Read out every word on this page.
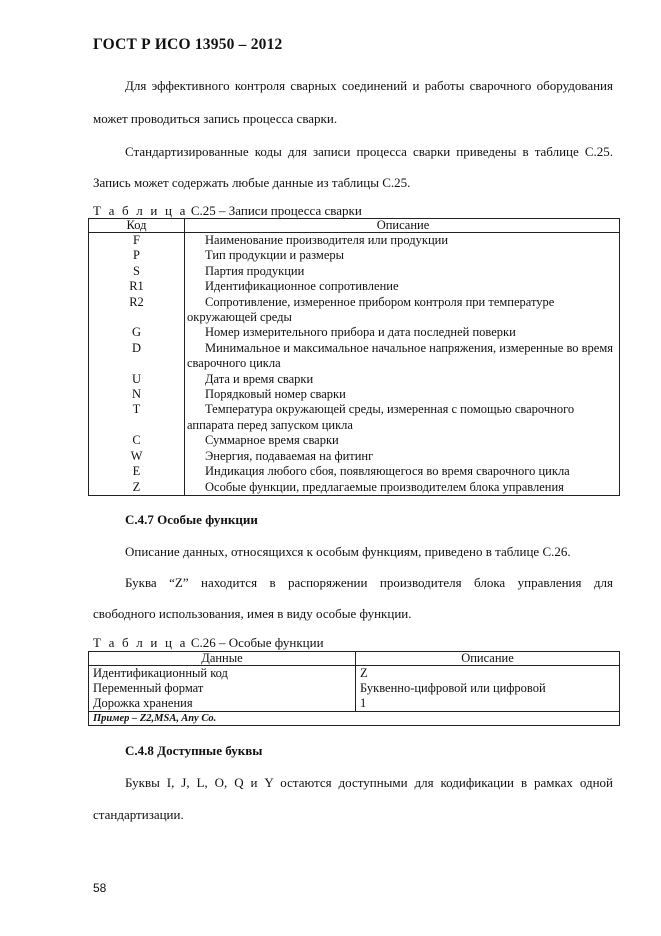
ГОСТ Р ИСО 13950 – 2012
Для эффективного контроля сварных соединений и работы сварочного оборудования
может проводиться запись процесса сварки.
Стандартизированные коды для записи процесса сварки приведены в таблице С.25.
Запись может содержать любые данные из таблицы С.25.
Т а б л и ц а С.25 – Записи процесса сварки
Код	Описание
F	Наименование производителя или продукции

P	Тип продукции и размеры

S	Партия продукции

R1	Идентификационное сопротивление

R2	Сопротивление, измеренное прибором контроля при температуре окружающей среды

G	Номер измерительного прибора и дата последней поверки

D	Минимальное и максимальное начальное напряжения, измеренные во время сварочного цикла

U	Дата и время сварки

N	Порядковый номер сварки

T	Температура окружающей среды, измеренная с помощью сварочного аппарата перед запуском цикла

C	Суммарное время сварки

W	Энергия, подаваемая на фитинг

E	Индикация любого сбоя, появляющегося во время сварочного цикла

Z	Особые функции, предлагаемые производителем блока управления
С.4.7 Особые функции
Описание данных, относящихся к особым функциям, приведено в таблице С.26.
Буква “Z” находится в распоряжении производителя блока управления для
свободного использования, имея в виду особые функции.
Т а б л и ц а С.26 – Особые функции
Данные	Описание
Идентификационный код	Z
Переменный формат	Буквенно-цифровой или цифровой
Дорожка хранения	1
Пример – Z2,MSA, Any Co.	
С.4.8 Доступные буквы
Буквы I, J, L, O, Q и Y остаются доступными для кодификации в рамках одной
стандартизации.
58
